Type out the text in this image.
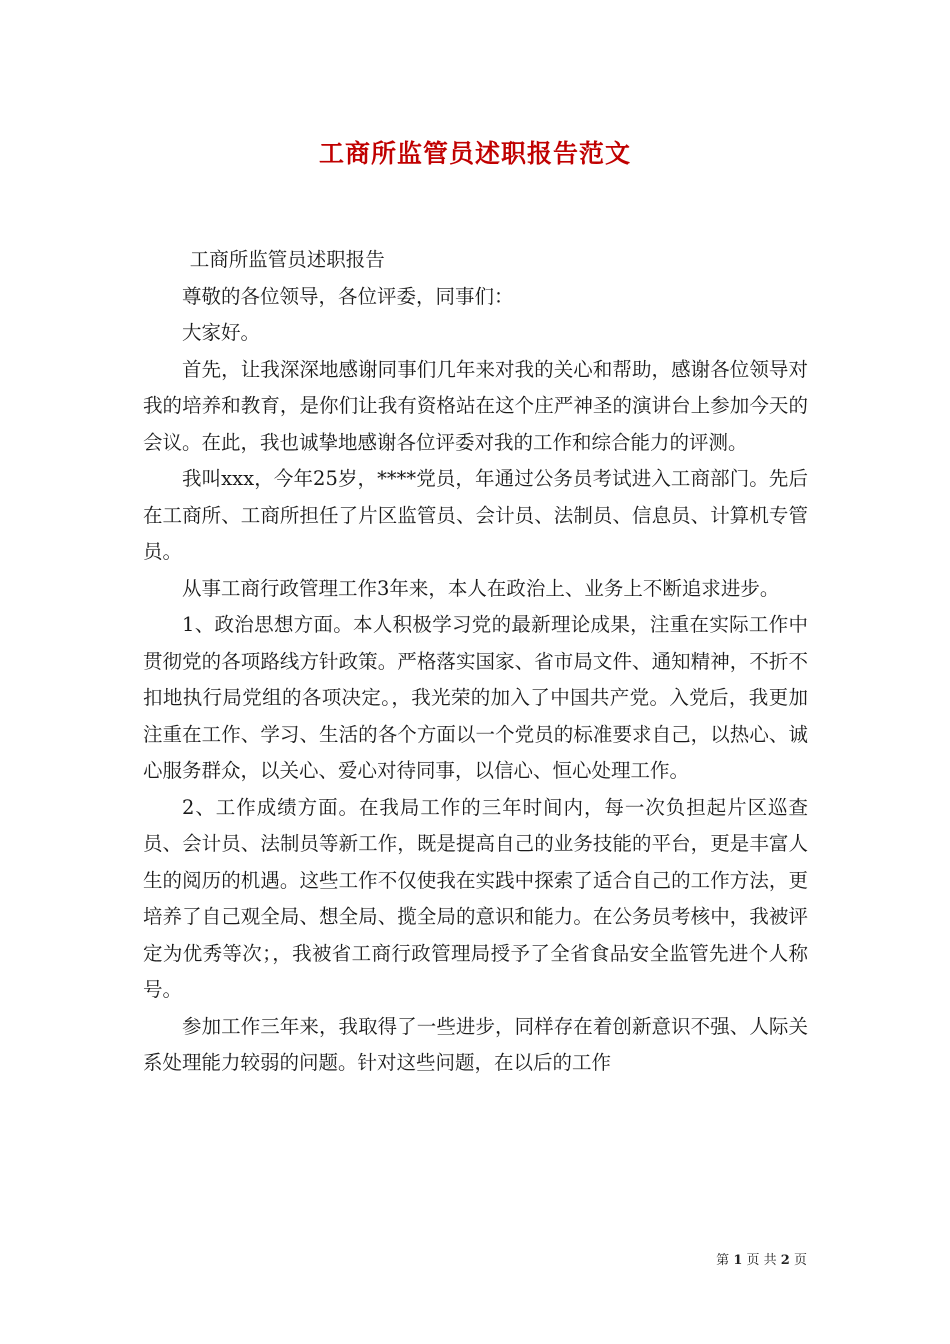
工商所监管员述职报告范文

工商所监管员述职报告

尊敬的各位领导，各位评委，同事们：

大家好。

首先，让我深深地感谢同事们几年来对我的关心和帮助，感谢各位领导对我的培养和教育，是你们让我有资格站在这个庄严神圣的演讲台上参加今天的会议。在此，我也诚挚地感谢各位评委对我的工作和综合能力的评测。

我叫xxx，今年25岁，****党员，年通过公务员考试进入工商部门。先后在工商所、工商所担任了片区监管员、会计员、法制员、信息员、计算机专管员。

从事工商行政管理工作3年来，本人在政治上、业务上不断追求进步。

1、政治思想方面。本人积极学习党的最新理论成果，注重在实际工作中贯彻党的各项路线方针政策。严格落实国家、省市局文件、通知精神，不折不扣地执行局党组的各项决定。，我光荣的加入了中国共产党。入党后，我更加注重在工作、学习、生活的各个方面以一个党员的标准要求自己，以热心、诚心服务群众，以关心、爱心对待同事，以信心、恒心处理工作。

2、工作成绩方面。在我局工作的三年时间内，每一次负担起片区巡查员、会计员、法制员等新工作，既是提高自己的业务技能的平台，更是丰富人生的阅历的机遇。这些工作不仅使我在实践中探索了适合自己的工作方法，更培养了自己观全局、想全局、揽全局的意识和能力。在公务员考核中，我被评定为优秀等次；，我被省工商行政管理局授予了全省食品安全监管先进个人称号。

参加工作三年来，我取得了一些进步，同样存在着创新意识不强、人际关系处理能力较弱的问题。针对这些问题，在以后的工作

第 1 页 共 2 页
